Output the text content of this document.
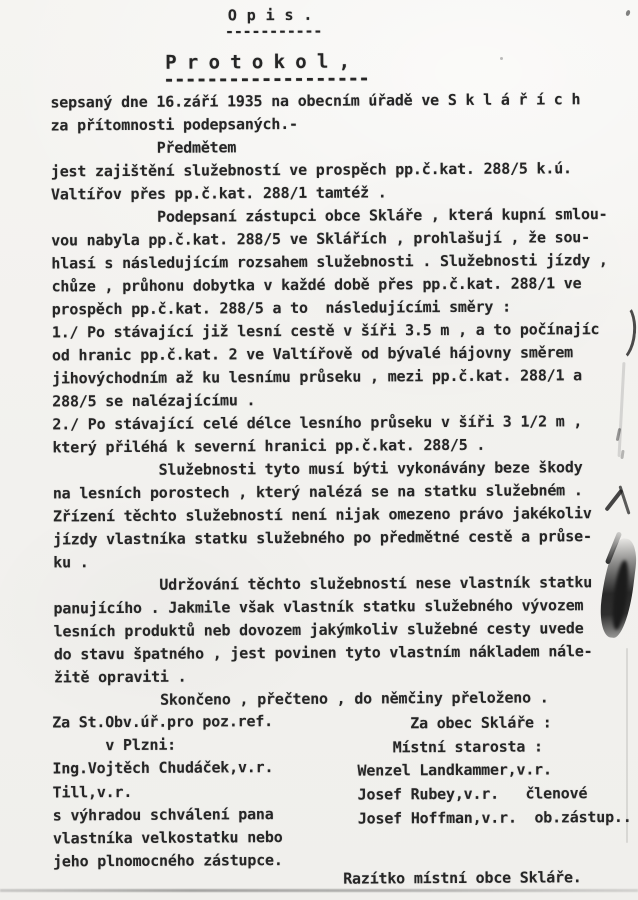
O p i s .
-----------
P r o t o k o l ,
-------------------
sepsaný dne 16.září 1935 na obecním úřadě ve S k l á ř í c h
za přítomnosti podepsaných.-
Předmětem
jest zajištění služebností ve prospěch pp.č.kat. 288/5 k.ú.
Valtířov přes pp.č.kat. 288/1 tamtéž .
Podepsaní zástupci obce Skláře , která kupní smlou-
vou nabyla pp.č.kat. 288/5 ve Sklářích , prohlašují , že sou-
hlasí s následujícím rozsahem služebnosti . Služebnosti jízdy ,
chůze , průhonu dobytka v každé době přes pp.č.kat. 288/1 ve
prospěch pp.č.kat. 288/5 a to  následujícími směry :
1./ Po stávající již lesní cestě v šíři 3.5 m , a to počínajíc
od hranic pp.č.kat. 2 ve Valtířově od bývalé hájovny směrem
jihovýchodním až ku lesnímu průseku , mezi pp.č.kat. 288/1 a
288/5 se nalézajícímu .
2./ Po stávající celé délce lesního průseku v šíři 3 1/2 m ,
který přiléhá k severní hranici pp.č.kat. 288/5 .
Služebnosti tyto musí býti vykonávány beze škody
na lesních porostech , který nalézá se na statku služebném .
Zřízení těchto služebností není nijak omezeno právo jakékoliv
jízdy vlastníka statku služebného po předmětné cestě a průse-
ku .
Udržování těchto služebností nese vlastník statku
panujícího . Jakmile však vlastník statku služebného vývozem
lesních produktů neb dovozem jakýmkoliv služebné cesty uvede
do stavu špatného , jest povinen tyto vlastním nákladem nále-
žitě opraviti .
Skončeno , přečteno , do němčiny přeloženo .
Za St.Obv.úř.pro poz.ref.
v Plzni:
Ing.Vojtěch Chudáček,v.r.
Till,v.r.
s výhradou schválení pana
vlastníka velkostatku nebo
jeho plnomocného zástupce.
Za obec Skláře :
Místní starosta :
Wenzel Landkammer,v.r.
Josef Rubey,v.r.   členové
Josef Hoffman,v.r.  ob.zástup..
Razítko místní obce Skláře.
